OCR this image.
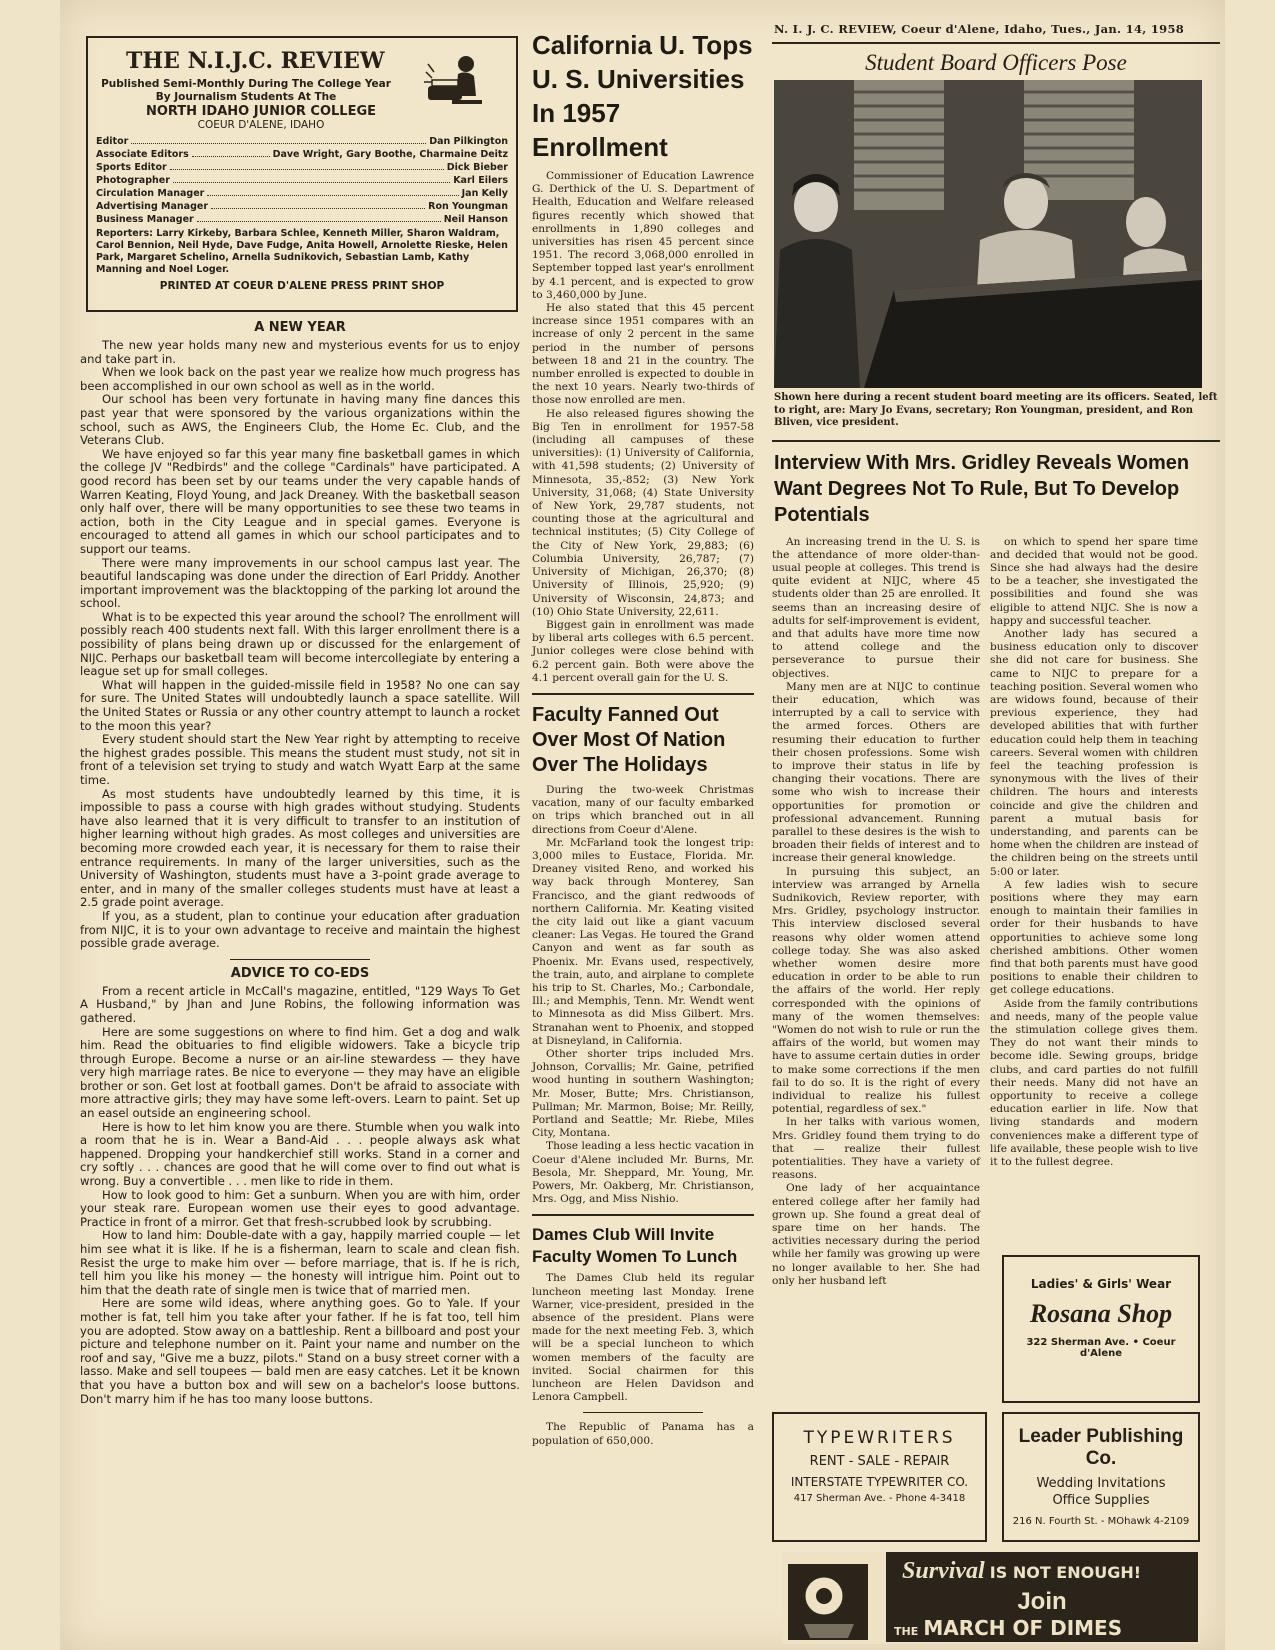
THE N.I.J.C. REVIEW
Published Semi-Monthly During The College Year
By Journalism Students At The
NORTH IDAHO JUNIOR COLLEGE
COEUR D'ALENE, IDAHO
Editor	Dan Pilkington
Associate Editors	Dave Wright, Gary Boothe, Charmaine Deitz
Sports Editor	Dick Bieber
Photographer	Karl Eilers
Circulation Manager	Jan Kelly
Advertising Manager	Ron Youngman
Business Manager	Neil Hanson
Reporters: Larry Kirkeby, Barbara Schlee, Kenneth Miller, Sharon Waldram, Carol Bennion, Neil Hyde, Dave Fudge, Anita Howell, Arnolette Rieske, Helen Park, Margaret Schelino, Arnella Sudnikovich, Sebastian Lamb, Kathy Manning and Noel Loger.
PRINTED AT COEUR D'ALENE PRESS PRINT SHOP
A NEW YEAR

The new year holds many new and mysterious events for us to enjoy and take part in.

When we look back on the past year we realize how much progress has been accomplished in our own school as well as in the world.

Our school has been very fortunate in having many fine dances this past year that were sponsored by the various organizations within the school, such as AWS, the Engineers Club, the Home Ec. Club, and the Veterans Club.

We have enjoyed so far this year many fine basketball games in which the college JV "Redbirds" and the college "Cardinals" have participated. A good record has been set by our teams under the very capable hands of Warren Keating, Floyd Young, and Jack Dreaney. With the basketball season only half over, there will be many opportunities to see these two teams in action, both in the City League and in special games. Everyone is encouraged to attend all games in which our school participates and to support our teams.

There were many improvements in our school campus last year. The beautiful landscaping was done under the direction of Earl Priddy. Another important improvement was the blacktopping of the parking lot around the school.

What is to be expected this year around the school? The enrollment will possibly reach 400 students next fall. With this larger enrollment there is a possibility of plans being drawn up or discussed for the enlargement of NIJC. Perhaps our basketball team will become intercollegiate by entering a league set up for small colleges.

What will happen in the guided-missile field in 1958? No one can say for sure. The United States will undoubtedly launch a space satellite. Will the United States or Russia or any other country attempt to launch a rocket to the moon this year?

Every student should start the New Year right by attempting to receive the highest grades possible. This means the student must study, not sit in front of a television set trying to study and watch Wyatt Earp at the same time.

As most students have undoubtedly learned by this time, it is impossible to pass a course with high grades without studying. Students have also learned that it is very difficult to transfer to an institution of higher learning without high grades. As most colleges and universities are becoming more crowded each year, it is necessary for them to raise their entrance requirements. In many of the larger universities, such as the University of Washington, students must have a 3-point grade average to enter, and in many of the smaller colleges students must have at least a 2.5 grade point average.

If you, as a student, plan to continue your education after graduation from NIJC, it is to your own advantage to receive and maintain the highest possible grade average.

ADVICE TO CO-EDS

From a recent article in McCall's magazine, entitled, "129 Ways To Get A Husband," by Jhan and June Robins, the following information was gathered.

Here are some suggestions on where to find him. Get a dog and walk him. Read the obituaries to find eligible widowers. Take a bicycle trip through Europe. Become a nurse or an air-line stewardess — they have very high marriage rates. Be nice to everyone — they may have an eligible brother or son. Get lost at football games. Don't be afraid to associate with more attractive girls; they may have some left-overs. Learn to paint. Set up an easel outside an engineering school.

Here is how to let him know you are there. Stumble when you walk into a room that he is in. Wear a Band-Aid . . . people always ask what happened. Dropping your handkerchief still works. Stand in a corner and cry softly . . . chances are good that he will come over to find out what is wrong. Buy a convertible . . . men like to ride in them.

How to look good to him: Get a sunburn. When you are with him, order your steak rare. European women use their eyes to good advantage. Practice in front of a mirror. Get that fresh-scrubbed look by scrubbing.

How to land him: Double-date with a gay, happily married couple — let him see what it is like. If he is a fisherman, learn to scale and clean fish. Resist the urge to make him over — before marriage, that is. If he is rich, tell him you like his money — the honesty will intrigue him. Point out to him that the death rate of single men is twice that of married men.

Here are some wild ideas, where anything goes. Go to Yale. If your mother is fat, tell him you take after your father. If he is fat too, tell him you are adopted. Stow away on a battleship. Rent a billboard and post your picture and telephone number on it. Paint your name and number on the roof and say, "Give me a buzz, pilots." Stand on a busy street corner with a lasso. Make and sell toupees — bald men are easy catches. Let it be known that you have a button box and will sew on a bachelor's loose buttons. Don't marry him if he has too many loose buttons.

California U. Tops U. S. Universities In 1957 Enrollment

Commissioner of Education Lawrence G. Derthick of the U. S. Department of Health, Education and Welfare released figures recently which showed that enrollments in 1,890 colleges and universities has risen 45 percent since 1951. The record 3,068,000 enrolled in September topped last year's enrollment by 4.1 percent, and is expected to grow to 3,460,000 by June.

He also stated that this 45 percent increase since 1951 compares with an increase of only 2 percent in the same period in the number of persons between 18 and 21 in the country. The number enrolled is expected to double in the next 10 years. Nearly two-thirds of those now enrolled are men.

He also released figures showing the Big Ten in enrollment for 1957-58 (including all campuses of these universities): (1) University of California, with 41,598 students; (2) University of Minnesota, 35,-852; (3) New York University, 31,068; (4) State University of New York, 29,787 students, not counting those at the agricultural and technical institutes; (5) City College of the City of New York, 29,883; (6) Columbia University, 26,787; (7) University of Michigan, 26,370; (8) University of Illinois, 25,920; (9) University of Wisconsin, 24,873; and (10) Ohio State University, 22,611.

Biggest gain in enrollment was made by liberal arts colleges with 6.5 percent. Junior colleges were close behind with 6.2 percent gain. Both were above the 4.1 percent overall gain for the U. S.

Faculty Fanned Out Over Most Of Nation Over The Holidays

During the two-week Christmas vacation, many of our faculty embarked on trips which branched out in all directions from Coeur d'Alene.

Mr. McFarland took the longest trip: 3,000 miles to Eustace, Florida. Mr. Dreaney visited Reno, and worked his way back through Monterey, San Francisco, and the giant redwoods of northern California. Mr. Keating visited the city laid out like a giant vacuum cleaner: Las Vegas. He toured the Grand Canyon and went as far south as Phoenix. Mr. Evans used, respectively, the train, auto, and airplane to complete his trip to St. Charles, Mo.; Carbondale, Ill.; and Memphis, Tenn. Mr. Wendt went to Minnesota as did Miss Gilbert. Mrs. Stranahan went to Phoenix, and stopped at Disneyland, in California.

Other shorter trips included Mrs. Johnson, Corvallis; Mr. Gaine, petrified wood hunting in southern Washington; Mr. Moser, Butte; Mrs. Christianson, Pullman; Mr. Marmon, Boise; Mr. Reilly, Portland and Seattle; Mr. Riebe, Miles City, Montana.

Those leading a less hectic vacation in Coeur d'Alene included Mr. Burns, Mr. Besola, Mr. Sheppard, Mr. Young, Mr. Powers, Mr. Oakberg, Mr. Christianson, Mrs. Ogg, and Miss Nishio.

Dames Club Will Invite Faculty Women To Lunch

The Dames Club held its regular luncheon meeting last Monday. Irene Warner, vice-president, presided in the absence of the president. Plans were made for the next meeting Feb. 3, which will be a special luncheon to which women members of the faculty are invited. Social chairmen for this luncheon are Helen Davidson and Lenora Campbell.

The Republic of Panama has a population of 650,000.

N. I. J. C. REVIEW, Coeur d'Alene, Idaho, Tues., Jan. 14, 1958
Student Board Officers Pose
Shown here during a recent student board meeting are its officers. Seated, left to right, are: Mary Jo Evans, secretary; Ron Youngman, president, and Ron Bliven, vice president.
Interview With Mrs. Gridley Reveals Women Want Degrees Not To Rule, But To Develop Potentials

An increasing trend in the U. S. is the attendance of more older-than-usual people at colleges. This trend is quite evident at NIJC, where 45 students older than 25 are enrolled. It seems than an increasing desire of adults for self-improvement is evident, and that adults have more time now to attend college and the perseverance to pursue their objectives.

Many men are at NIJC to continue their education, which was interrupted by a call to service with the armed forces. Others are resuming their education to further their chosen professions. Some wish to improve their status in life by changing their vocations. There are some who wish to increase their opportunities for promotion or professional advancement. Running parallel to these desires is the wish to broaden their fields of interest and to increase their general knowledge.

In pursuing this subject, an interview was arranged by Arnella Sudnikovich, Review reporter, with Mrs. Gridley, psychology instructor. This interview disclosed several reasons why older women attend college today. She was also asked whether women desire more education in order to be able to run the affairs of the world. Her reply corresponded with the opinions of many of the women themselves: "Women do not wish to rule or run the affairs of the world, but women may have to assume certain duties in order to make some corrections if the men fail to do so. It is the right of every individual to realize his fullest potential, regardless of sex."

In her talks with various women, Mrs. Gridley found them trying to do that — realize their fullest potentialities. They have a variety of reasons.

One lady of her acquaintance entered college after her family had grown up. She found a great deal of spare time on her hands. The activities necessary during the period while her family was growing up were no longer available to her. She had only her husband left

on which to spend her spare time and decided that would not be good. Since she had always had the desire to be a teacher, she investigated the possibilities and found she was eligible to attend NIJC. She is now a happy and successful teacher.

Another lady has secured a business education only to discover she did not care for business. She came to NIJC to prepare for a teaching position. Several women who are widows found, because of their previous experience, they had developed abilities that with further education could help them in teaching careers. Several women with children feel the teaching profession is synonymous with the lives of their children. The hours and interests coincide and give the children and parent a mutual basis for understanding, and parents can be home when the children are instead of the children being on the streets until 5:00 or later.

A few ladies wish to secure positions where they may earn enough to maintain their families in order for their husbands to have opportunities to achieve some long cherished ambitions. Other women find that both parents must have good positions to enable their children to get college educations.

Aside from the family contributions and needs, many of the people value the stimulation college gives them. They do not want their minds to become idle. Sewing groups, bridge clubs, and card parties do not fulfill their needs. Many did not have an opportunity to receive a college education earlier in life. Now that living standards and modern conveniences make a different type of life available, these people wish to live it to the fullest degree.

Ladies' & Girls' Wear
Rosana Shop
322 Sherman Ave. • Coeur d'Alene
TYPEWRITERS
RENT - SALE - REPAIR
INTERSTATE TYPEWRITER CO.
417 Sherman Ave. - Phone 4-3418
Leader Publishing Co.
Wedding Invitations
Office Supplies
216 N. Fourth St. - MOhawk 4-2109
Survival IS NOT ENOUGH!
Join
THE MARCH OF DIMES
